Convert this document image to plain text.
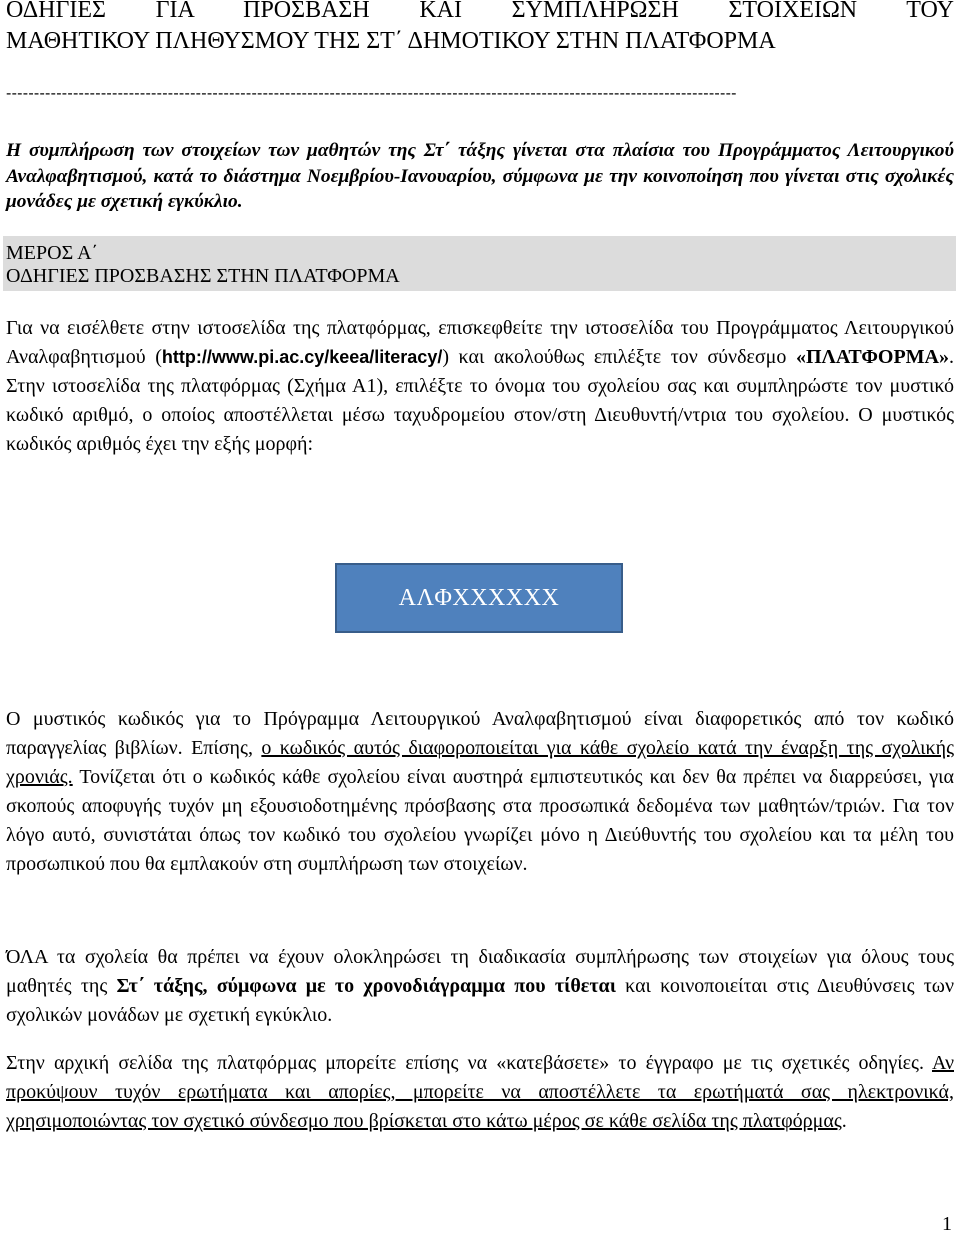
ΟΔΗΓΙΕΣ ΓΙΑ ΠΡΟΣΒΑΣΗ ΚΑΙ ΣΥΜΠΛΗΡΩΣΗ ΣΤΟΙΧΕΙΩΝ ΤΟΥ
ΜΑΘΗΤΙΚΟΥ ΠΛΗΘΥΣΜΟΥ ΤΗΣ ΣΤ΄ ΔΗΜΟΤΙΚΟΥ ΣΤΗΝ ΠΛΑΤΦΟΡΜΑ
-----------------------------------------------------------------------------------------------------------------------------------
Η συμπλήρωση των στοιχείων των μαθητών της Στ΄ τάξης γίνεται στα πλαίσια του Προγράμματος Λειτουργικού Αναλφαβητισμού, κατά το διάστημα Νοεμβρίου-Ιανουαρίου, σύμφωνα με την κοινοποίηση που γίνεται στις σχολικές μονάδες με σχετική εγκύκλιο.
ΜΕΡΟΣ Α΄
ΟΔΗΓΙΕΣ ΠΡΟΣΒΑΣΗΣ ΣΤΗΝ ΠΛΑΤΦΟΡΜΑ
Για να εισέλθετε στην ιστοσελίδα της πλατφόρμας, επισκεφθείτε την ιστοσελίδα του Προγράμματος Λειτουργικού Αναλφαβητισμού (http://www.pi.ac.cy/keea/literacy/) και ακολούθως επιλέξτε τον σύνδεσμο «ΠΛΑΤΦΟΡΜΑ». Στην ιστοσελίδα της πλατφόρμας (Σχήμα Α1), επιλέξτε το όνομα του σχολείου σας και συμπληρώστε τον μυστικό κωδικό αριθμό, ο οποίος αποστέλλεται μέσω ταχυδρομείου στον/στη Διευθυντή/ντρια του σχολείου. Ο μυστικός κωδικός αριθμός έχει την εξής μορφή:
ΑΛΦΧΧΧΧΧΧ
Ο μυστικός κωδικός για το Πρόγραμμα Λειτουργικού Αναλφαβητισμού είναι διαφορετικός από τον κωδικό παραγγελίας βιβλίων. Επίσης, ο κωδικός αυτός διαφοροποιείται για κάθε σχολείο κατά την έναρξη της σχολικής χρονιάς. Τονίζεται ότι ο κωδικός κάθε σχολείου είναι αυστηρά εμπιστευτικός και δεν θα πρέπει να διαρρεύσει, για σκοπούς αποφυγής τυχόν μη εξουσιοδοτημένης πρόσβασης στα προσωπικά δεδομένα των μαθητών/τριών. Για τον λόγο αυτό, συνιστάται όπως τον κωδικό του σχολείου γνωρίζει μόνο η Διεύθυντής του σχολείου και τα μέλη του προσωπικού που θα εμπλακούν στη συμπλήρωση των στοιχείων.
ΌΛΑ τα σχολεία θα πρέπει να έχουν ολοκληρώσει τη διαδικασία συμπλήρωσης των στοιχείων για όλους τους μαθητές της Στ΄ τάξης, σύμφωνα με το χρονοδιάγραμμα που τίθεται και κοινοποιείται στις Διευθύνσεις των σχολικών μονάδων με σχετική εγκύκλιο.
Στην αρχική σελίδα της πλατφόρμας μπορείτε επίσης να «κατεβάσετε» το έγγραφο με τις σχετικές οδηγίες. Αν προκύψουν τυχόν ερωτήματα και απορίες, μπορείτε να αποστέλλετε τα ερωτήματά σας ηλεκτρονικά, χρησιμοποιώντας τον σχετικό σύνδεσμο που βρίσκεται στο κάτω μέρος σε κάθε σελίδα της πλατφόρμας.
1
